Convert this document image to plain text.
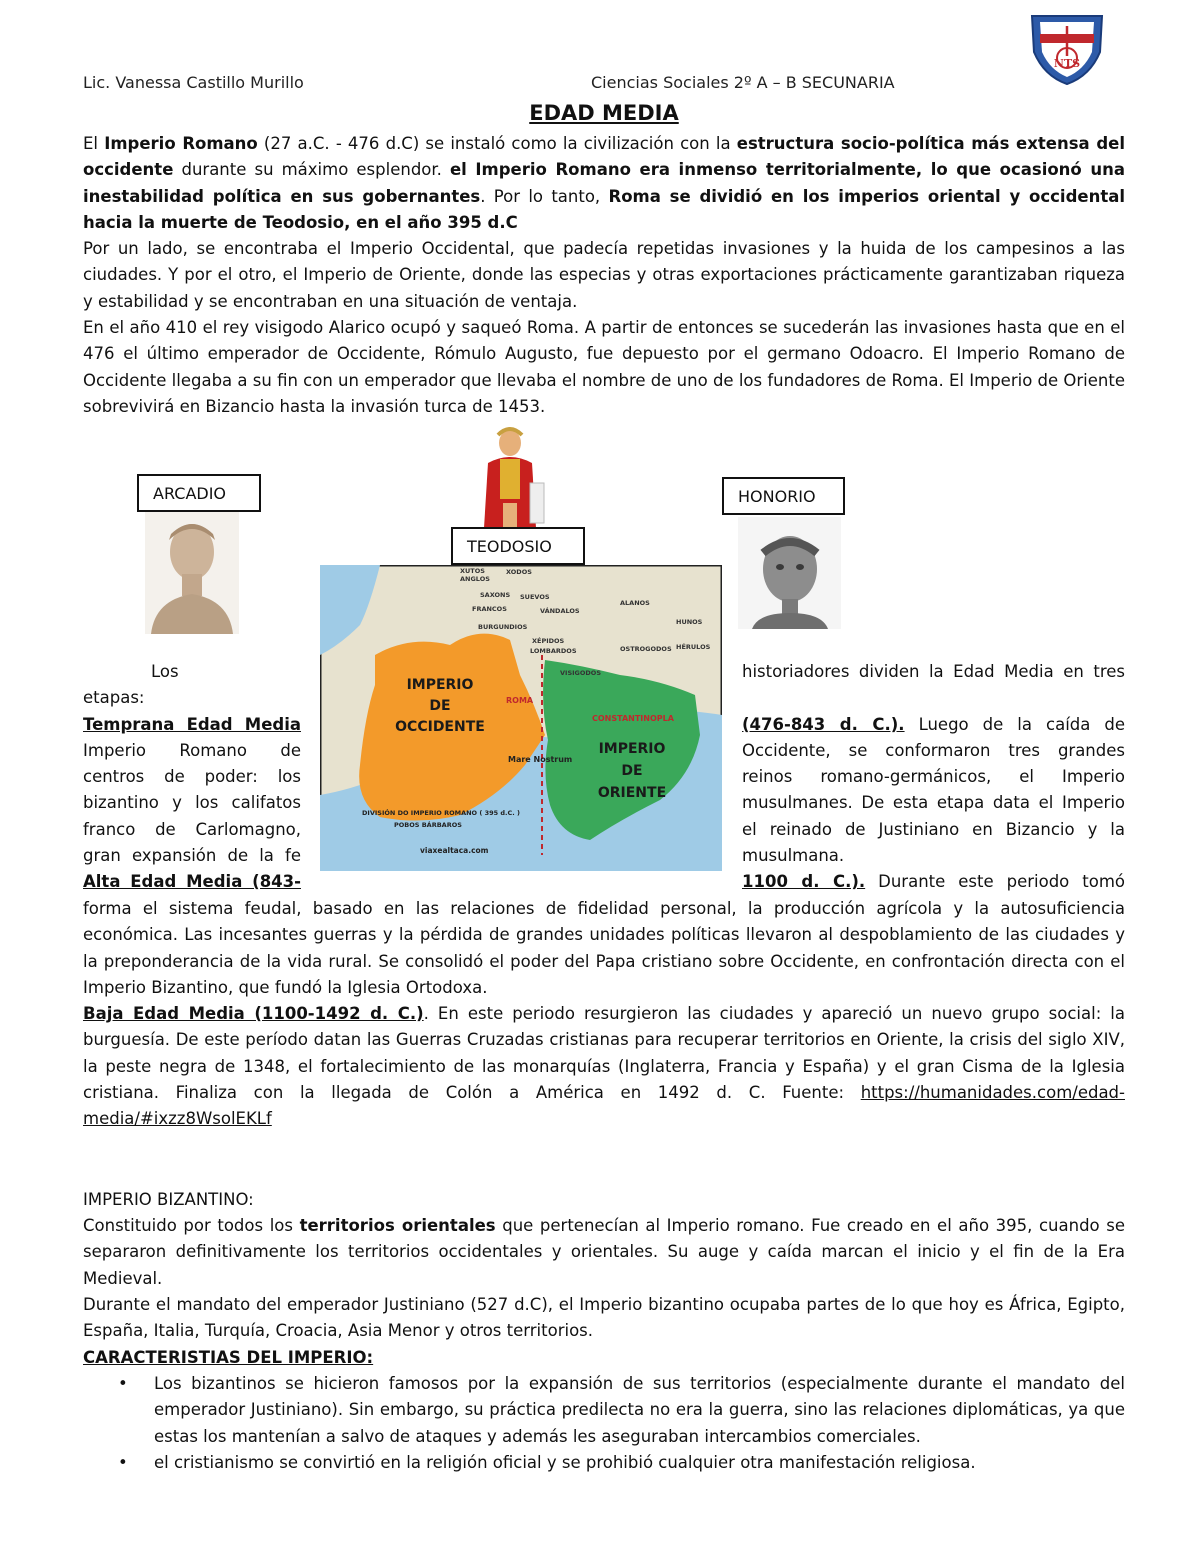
Lic. Vanessa Castillo Murillo	Ciencias Sociales 2º A – B SECUNARIA
NTS
EDAD MEDIA
El Imperio Romano (27 a.C. - 476 d.C) se instaló como la civilización con la estructura socio-política más extensa del occidente durante su máximo esplendor. el Imperio Romano era inmenso territorialmente, lo que ocasionó una inestabilidad política en sus gobernantes. Por lo tanto, Roma se dividió en los imperios oriental y occidental hacia la muerte de Teodosio, en el año 395 d.C
Por un lado, se encontraba el Imperio Occidental, que padecía repetidas invasiones y la huida de los campesinos a las ciudades. Y por el otro, el Imperio de Oriente, donde las especias y otras exportaciones prácticamente garantizaban riqueza y estabilidad y se encontraban en una situación de ventaja.
En el año 410 el rey visigodo Alarico ocupó y saqueó Roma. A partir de entonces se sucederán las invasiones hasta que en el 476 el último emperador de Occidente, Rómulo Augusto, fue depuesto por el germano Odoacro. El Imperio Romano de Occidente llegaba a su fin con un emperador que llevaba el nombre de uno de los fundadores de Roma. El Imperio de Oriente sobrevivirá en Bizancio hasta la invasión turca de 1453.
ARCADIO	HONORIO
TEODOSIO
XUTOS
ANGLOS
XODOS
SAXONS SUEVOS
FRANCOS	VÁNDALOS
ALANOS
BURGUNDIOS
HUNOS
XÉPIDOS
LOMBARDOS	OSTROGODOS HÉRULOS
VISIGODOS
IMPERIO
DE
OCCIDENTE
IMPERIO
DE
ORIENTE
ROMA
CONSTANTINOPLA
Mare Nostrum
DIVISIÓN DO IMPERIO ROMANO ( 395 d.C. )
POBOS BÁRBAROS
viaxealtaca.com
Los
etapas:
Temprana Edad Media
Imperio Romano de
centros de poder: los
bizantino y los califatos
franco de Carlomagno,
gran expansión de la fe
Alta Edad Media (843-
historiadores dividen la Edad Media en tres
(476-843 d. C.). Luego de la caída de
Occidente, se conformaron tres grandes
reinos romano-germánicos, el Imperio
musulmanes. De esta etapa data el Imperio
el reinado de Justiniano en Bizancio y la
musulmana.
1100 d. C.). Durante este periodo tomó
forma el sistema feudal, basado en las relaciones de fidelidad personal, la producción agrícola y la autosuficiencia económica. Las incesantes guerras y la pérdida de grandes unidades políticas llevaron al despoblamiento de las ciudades y la preponderancia de la vida rural. Se consolidó el poder del Papa cristiano sobre Occidente, en confrontación directa con el Imperio Bizantino, que fundó la Iglesia Ortodoxa.
Baja Edad Media (1100-1492 d. C.). En este periodo resurgieron las ciudades y apareció un nuevo grupo social: la burguesía. De este período datan las Guerras Cruzadas cristianas para recuperar territorios en Oriente, la crisis del siglo XIV, la peste negra de 1348, el fortalecimiento de las monarquías (Inglaterra, Francia y España) y el gran Cisma de la Iglesia cristiana. Finaliza con la llegada de Colón a América en 1492 d. C. Fuente: https://humanidades.com/edad-media/#ixzz8WsolEKLf
IMPERIO BIZANTINO:
Constituido por todos los territorios orientales que pertenecían al Imperio romano. Fue creado en el año 395, cuando se separaron definitivamente los territorios occidentales y orientales. Su auge y caída marcan el inicio y el fin de la Era Medieval.
Durante el mandato del emperador Justiniano (527 d.C), el Imperio bizantino ocupaba partes de lo que hoy es África, Egipto, España, Italia, Turquía, Croacia, Asia Menor y otros territorios.
CARACTERISTIAS DEL IMPERIO:
• Los bizantinos se hicieron famosos por la expansión de sus territorios (especialmente durante el mandato del emperador Justiniano). Sin embargo, su práctica predilecta no era la guerra, sino las relaciones diplomáticas, ya que estas los mantenían a salvo de ataques y además les aseguraban intercambios comerciales.
• el cristianismo se convirtió en la religión oficial y se prohibió cualquier otra manifestación religiosa.
